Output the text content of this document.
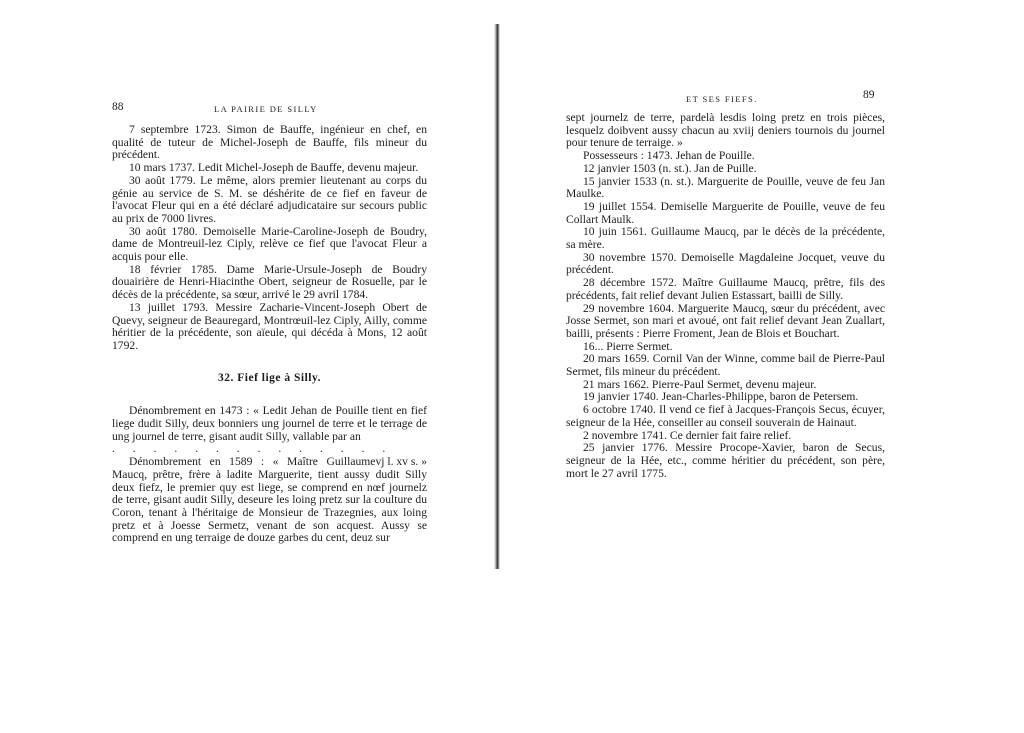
88	LA PAIRIE DE SILLY

7 septembre 1723. Simon de Bauffe, ingénieur en chef, en qualité de tuteur de Michel-Joseph de Bauffe, fils mineur du précédent.

10 mars 1737. Ledit Michel-Joseph de Bauffe, devenu majeur.

30 août 1779. Le même, alors premier lieutenant au corps du génie au service de S. M. se déshérite de ce fief en faveur de l'avocat Fleur qui en a été déclaré adjudicataire sur secours public au prix de 7000 livres.

30 août 1780. Demoiselle Marie-Caroline-Joseph de Boudry, dame de Montreuil-lez Ciply, relève ce fief que l'avocat Fleur a acquis pour elle.

18 février 1785. Dame Marie-Ursule-Joseph de Boudry douairière de Henri-Hiacinthe Obert, seigneur de Rosuelle, par le décès de la précédente, sa sœur, arrivé le 29 avril 1784.

13 juillet 1793. Messire Zacharie-Vincent-Joseph Obert de Quevy, seigneur de Beauregard, Montrœuil-lez Ciply, Ailly, comme héritier de la précédente, son aïeule, qui décéda à Mons, 12 août 1792.

32. Fief lige à Silly.

Dénombrement en 1473 : « Ledit Jehan de Pouille tient en fief liege dudit Silly, deux bonniers ung journel de terre et le terrage de ung journel de terre, gisant audit Silly, vallable par an

. . . . . . . . . . . . . .
vj l. xv s. »

Dénombrement en 1589 : « Maître Guillaume Maucq, prêtre, frère à ladite Marguerite, tient aussy dudit Silly deux fiefz, le premier quy est liege, se comprend en nœf journelz de terre, gisant audit Silly, deseure les loing pretz sur la coulture du Coron, tenant à l'héritaige de Monsieur de Trazegnies, aux loing pretz et à Joesse Sermetz, venant de son acquest. Aussy se comprend en ung terraige de douze garbes du cent, deuz sur

ET SES FIEFS.	89

sept journelz de terre, pardelà lesdis loing pretz en trois pièces, lesquelz doibvent aussy chacun au xviij deniers tournois du journel pour tenure de terraige. »

Possesseurs : 1473. Jehan de Pouille.

12 janvier 1503 (n. st.). Jan de Puille.

15 janvier 1533 (n. st.). Marguerite de Pouille, veuve de feu Jan Maulke.

19 juillet 1554. Demiselle Marguerite de Pouille, veuve de feu Collart Maulk.

10 juin 1561. Guillaume Maucq, par le décès de la précédente, sa mère.

30 novembre 1570. Demoiselle Magdaleine Jocquet, veuve du précédent.

28 décembre 1572. Maître Guillaume Maucq, prêtre, fils des précédents, fait relief devant Julien Estassart, bailli de Silly.

29 novembre 1604. Marguerite Maucq, sœur du précédent, avec Josse Sermet, son mari et avoué, ont fait relief devant Jean Zuallart, bailli, présents : Pierre Froment, Jean de Blois et Bouchart.

16... Pierre Sermet.

20 mars 1659. Cornil Van der Winne, comme bail de Pierre-Paul Sermet, fils mineur du précédent.

21 mars 1662. Pierre-Paul Sermet, devenu majeur.

19 janvier 1740. Jean-Charles-Philippe, baron de Petersem.

6 octobre 1740. Il vend ce fief à Jacques-François Secus, écuyer, seigneur de la Hée, conseiller au conseil souverain de Hainaut.

2 novembre 1741. Ce dernier fait faire relief.

25 janvier 1776. Messire Procope-Xavier, baron de Secus, seigneur de la Hée, etc., comme héritier du précédent, son père, mort le 27 avril 1775.
